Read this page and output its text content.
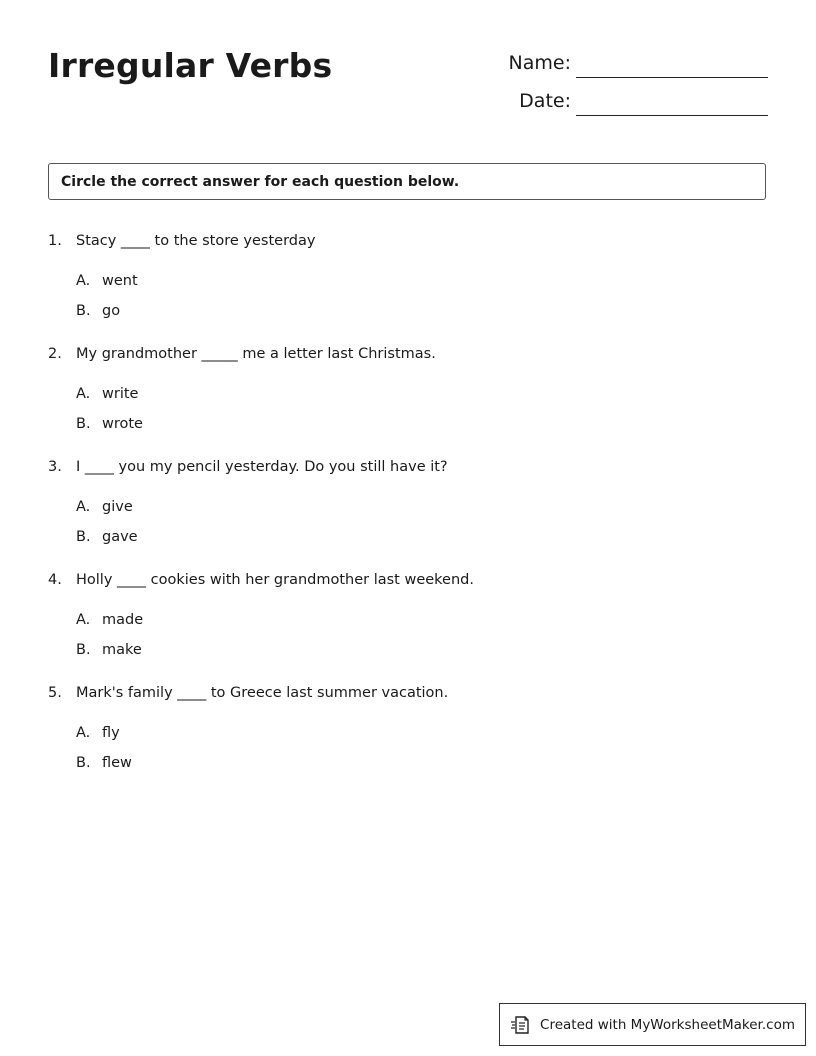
Irregular Verbs	Name:
Date:
Circle the correct answer for each question below.
1. Stacy ____ to the store yesterday
A. went
B. go
2. My grandmother _____ me a letter last Christmas.
A. write
B. wrote
3. I ____ you my pencil yesterday. Do you still have it?
A. give
B. gave
4. Holly ____ cookies with her grandmother last weekend.
A. made
B. make
5. Mark's family ____ to Greece last summer vacation.
A. fly
B. flew
Created with MyWorksheetMaker.com
